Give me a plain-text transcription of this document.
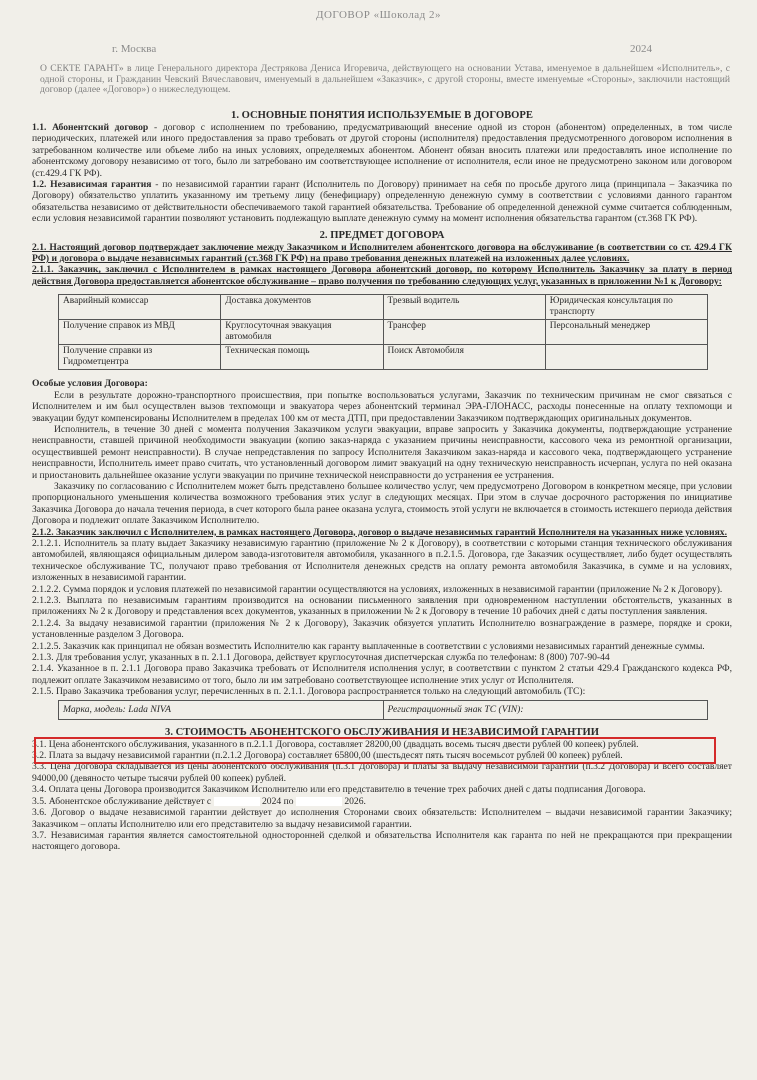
ДОГОВОР «Шоколад 2»
г. Москва	2024
О СЕКТЕ ГАРАНТ» в лице Генерального директора Дестрякова Дениса Игоревича, действующего на основании Устава, именуемое в дальнейшем «Исполнитель», с одной стороны, и Гражданин Чевский Вячеславович, именуемый в дальнейшем «Заказчик», с другой стороны, вместе именуемые «Стороны», заключили настоящий договор (далее «Договор») о нижеследующем.

1. ОСНОВНЫЕ ПОНЯТИЯ ИСПОЛЬЗУЕМЫЕ В ДОГОВОРЕ

1.1. Абонентский договор - договор с исполнением по требованию, предусматривающий внесение одной из сторон (абонентом) определенных, в том числе периодических, платежей или иного предоставления за право требовать от другой стороны (исполнителя) предоставления предусмотренного договором исполнения в затребованном количестве или объеме либо на иных условиях, определяемых абонентом. Абонент обязан вносить платежи или предоставлять иное исполнение по абонентскому договору независимо от того, было ли затребовано им соответствующее исполнение от исполнителя, если иное не предусмотрено законом или договором (ст.429.4 ГК РФ).

1.2. Независимая гарантия - по независимой гарантии гарант (Исполнитель по Договору) принимает на себя по просьбе другого лица (принципала – Заказчика по Договору) обязательство уплатить указанному им третьему лицу (бенефициару) определенную денежную сумму в соответствии с условиями данного гарантом обязательства независимо от действительности обеспечиваемого такой гарантией обязательства. Требование об определенной денежной сумме считается соблюденным, если условия независимой гарантии позволяют установить подлежащую выплате денежную сумму на момент исполнения обязательства гарантом (ст.368 ГК РФ).

2. ПРЕДМЕТ ДОГОВОРА

2.1. Настоящий договор подтверждает заключение между Заказчиком и Исполнителем абонентского договора на обслуживание (в соответствии со ст. 429.4 ГК РФ) и договора о выдаче независимых гарантий (ст.368 ГК РФ) на право требования денежных платежей на изложенных далее условиях.

2.1.1. Заказчик, заключил с Исполнителем в рамках настоящего Договора абонентский договор, по которому Исполнитель Заказчику за плату в период действия Договора предоставляется абонентское обслуживание – право получения по требованию следующих услуг, указанных в приложении №1 к Договору:

Аварийный комиссар	Доставка документов	Трезвый водитель	Юридическая консультация по транспорту
Получение справок из МВД	Круглосуточная эвакуация автомобиля	Трансфер	Персональный менеджер
Получение справки из Гидрометцентра	Техническая помощь	Поиск Автомобиля	

Особые условия Договора:

Если в результате дорожно-транспортного происшествия, при попытке воспользоваться услугами, Заказчик по техническим причинам не смог связаться с Исполнителем и им был осуществлен вызов техпомощи и эвакуатора через абонентский терминал ЭРА-ГЛОНАСС, расходы понесенные на оплату техпомощи и эвакуации будут компенсированы Исполнителем в пределах 100 км от места ДТП, при предоставлении Заказчиком подтверждающих оригинальных документов.

Исполнитель, в течение 30 дней с момента получения Заказчиком услуги эвакуации, вправе запросить у Заказчика документы, подтверждающие устранение неисправности, ставшей причиной необходимости эвакуации (копию заказ-наряда с указанием причины неисправности, кассового чека из ремонтной организации, осуществившей ремонт неисправности). В случае непредставления по запросу Исполнителя Заказчиком заказ-наряда и кассового чека, подтверждающего устранение неисправности, Исполнитель имеет право считать, что установленный договором лимит эвакуаций на одну техническую неисправность исчерпан, услуга по ней оказана и приостановить дальнейшее оказание услуги эвакуации по причине технической неисправности до устранения ее устранения.

Заказчику по согласованию с Исполнителем может быть представлено большее количество услуг, чем предусмотрено Договором в конкретном месяце, при условии пропорционального уменьшения количества возможного требования этих услуг в следующих месяцах. При этом в случае досрочного расторжения по инициативе Заказчика Договора до начала течения периода, в счет которого была ранее оказана услуга, стоимость этой услуги не включается в стоимость истекшего периода действия Договора и подлежит оплате Заказчиком Исполнителю.

2.1.2. Заказчик заключил с Исполнителем, в рамках настоящего Договора, договор о выдаче независимых гарантий Исполнителя на указанных ниже условиях.

2.1.2.1. Исполнитель за плату выдает Заказчику независимую гарантию (приложение № 2 к Договору), в соответствии с которыми станция технического обслуживания автомобилей, являющаяся официальным дилером завода-изготовителя автомобиля, указанного в п.2.1.5. Договора, где Заказчик осуществляет, либо будет осуществлять техническое обслуживание ТС, получают право требования от Исполнителя денежных средств на оплату ремонта автомобиля Заказчика, в сумме и на условиях, изложенных в независимой гарантии.

2.1.2.2. Сумма порядок и условия платежей по независимой гарантии осуществляются на условиях, изложенных в независимой гарантии (приложение № 2 к Договору).

2.1.2.3. Выплата по независимым гарантиям производится на основании письменного заявления при одновременном наступлении обстоятельств, указанных в приложениях № 2 к Договору и представления всех документов, указанных в приложении № 2 к Договору в течение 10 рабочих дней с даты поступления заявления.

2.1.2.4. За выдачу независимой гарантии (приложения № 2 к Договору), Заказчик обязуется уплатить Исполнителю вознаграждение в размере, порядке и сроки, установленные разделом 3 Договора.

2.1.2.5. Заказчик как принципал не обязан возместить Исполнителю как гаранту выплаченные в соответствии с условиями независимых гарантий денежные суммы.

2.1.3. Для требования услуг, указанных в п. 2.1.1 Договора, действует круглосуточная диспетчерская служба по телефонам: 8 (800) 707-90-44

2.1.4. Указанное в п. 2.1.1 Договора право Заказчика требовать от Исполнителя исполнения услуг, в соответствии с пунктом 2 статьи 429.4 Гражданского кодекса РФ, подлежит оплате Заказчиком независимо от того, было ли им затребовано соответствующее исполнение этих услуг от Исполнителя.

2.1.5. Право Заказчика требования услуг, перечисленных в п. 2.1.1. Договора распространяется только на следующий автомобиль (ТС):

Марка, модель: Lada NIVA	Регистрационный знак ТС (VIN):

3. СТОИМОСТЬ АБОНЕНТСКОГО ОБСЛУЖИВАНИЯ И НЕЗАВИСИМОЙ ГАРАНТИИ

3.1. Цена абонентского обслуживания, указанного в п.2.1.1 Договора, составляет 28200,00 (двадцать восемь тысяч двести рублей 00 копеек) рублей.

3.2. Плата за выдачу независимой гарантии (п.2.1.2 Договора) составляет 65800,00 (шестьдесят пять тысяч восемьсот рублей 00 копеек) рублей.

3.3. Цена Договора складывается из цены абонентского обслуживания (п.3.1 Договора) и платы за выдачу независимой гарантии (п.3.2 Договора) и всего составляет 94000,00 (девяносто четыре тысячи рублей 00 копеек) рублей.

3.4. Оплата цены Договора производится Заказчиком Исполнителю или его представителю в течение трех рабочих дней с даты подписания Договора.

3.5. Абонентское обслуживание действует с	2024 по	2026.

3.6. Договор о выдаче независимой гарантии действует до исполнения Сторонами своих обязательств: Исполнителем – выдачи независимой гарантии Заказчику; Заказчиком – оплаты Исполнителю или его представителю за выдачу независимой гарантии.

3.7. Независимая гарантия является самостоятельной односторонней сделкой и обязательства Исполнителя как гаранта по ней не прекращаются при прекращении настоящего договора.
